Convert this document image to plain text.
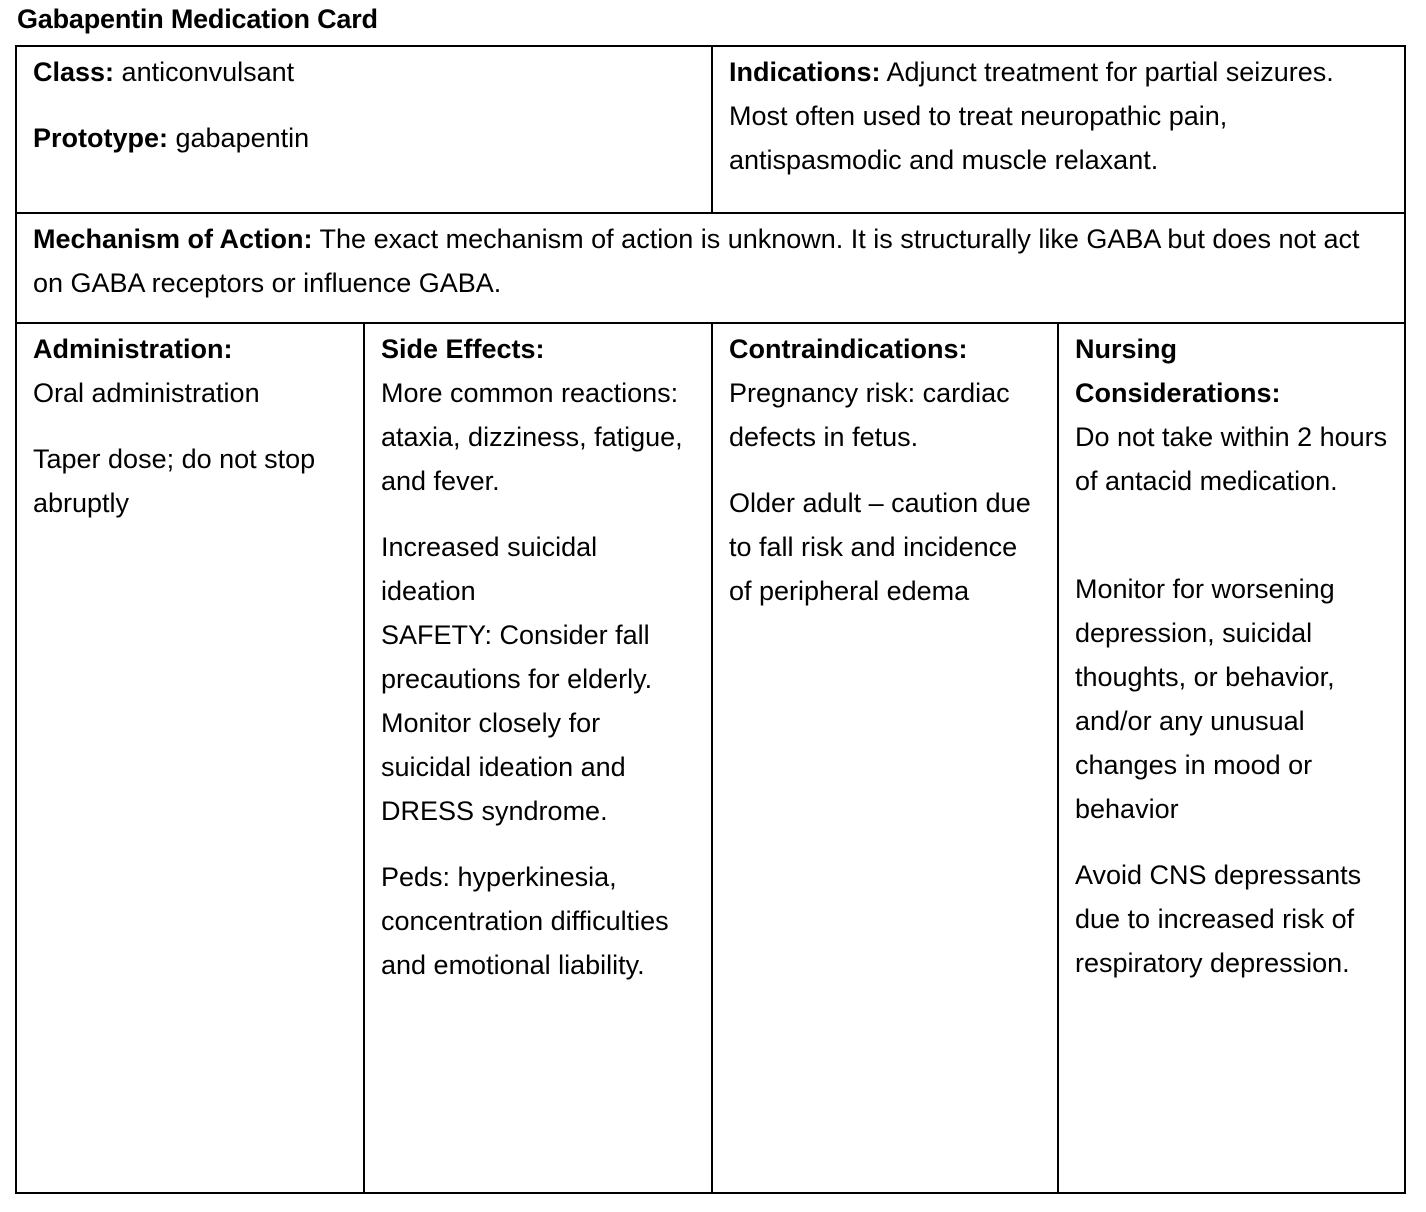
Gabapentin Medication Card

Class: anticonvulsant

Prototype: gabapentin

Indications: Adjunct treatment for partial seizures. Most often used to treat neuropathic pain, antispasmodic and muscle relaxant.

Mechanism of Action: The exact mechanism of action is unknown. It is structurally like GABA but does not act on GABA receptors or influence GABA.

Administration:

Oral administration

Taper dose; do not stop abruptly

Side Effects:

More common reactions: ataxia, dizziness, fatigue, and fever.

Increased suicidal ideation

SAFETY: Consider fall precautions for elderly. Monitor closely for suicidal ideation and DRESS syndrome.

Peds: hyperkinesia, concentration difficulties and emotional liability.

Contraindications:

Pregnancy risk: cardiac defects in fetus.

Older adult – caution due to fall risk and incidence of peripheral edema

Nursing Considerations:

Do not take within 2 hours of antacid medication.

Monitor for worsening depression, suicidal thoughts, or behavior, and/or any unusual changes in mood or behavior

Avoid CNS depressants due to increased risk of respiratory depression.
